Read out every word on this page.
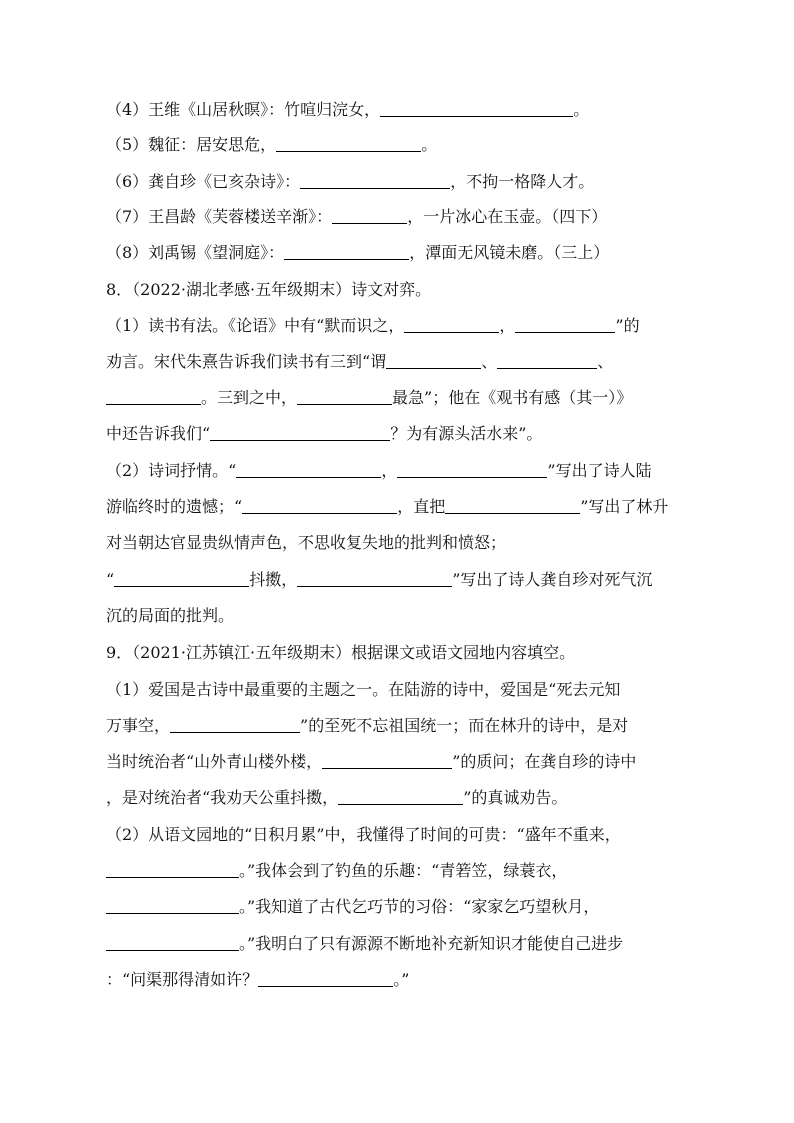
（4）王维《山居秋暝》：竹喧归浣女，	。
（5）魏征：居安思危，	。
（6）龚自珍《已亥杂诗》：	，不拘一格降人才。
（7）王昌龄《芙蓉楼送辛渐》：	，一片冰心在玉壶。（四下）
（8）刘禹锡《望洞庭》：	，潭面无风镜未磨。（三上）
8．（2022·湖北孝感·五年级期末）诗文对弈。
（1）读书有法。《论语》中有“默而识之，	，	”的
劝言。宋代朱熹告诉我们读书有三到“谓	、	、
。三到之中，	最急”；他在《观书有感（其一）》
中还告诉我们“	？为有源头活水来”。
（2）诗词抒情。“	，	”写出了诗人陆
游临终时的遗憾；“	，直把	”写出了林升
对当朝达官显贵纵情声色，不思收复失地的批判和愤怒；
“	抖擞，	”写出了诗人龚自珍对死气沉
沉的局面的批判。
9．（2021·江苏镇江·五年级期末）根据课文或语文园地内容填空。
（1）爱国是古诗中最重要的主题之一。在陆游的诗中，爱国是“死去元知
万事空，	”的至死不忘祖国统一；而在林升的诗中，是对
当时统治者“山外青山楼外楼，	”的质问；在龚自珍的诗中
，是对统治者“我劝天公重抖擞，	”的真诚劝告。
（2）从语文园地的“日积月累”中，我懂得了时间的可贵：“盛年不重来，
。”我体会到了钓鱼的乐趣：“青箬笠，绿蓑衣，
。”我知道了古代乞巧节的习俗：“家家乞巧望秋月，
。”我明白了只有源源不断地补充新知识才能使自己进步
：“问渠那得清如许？	。”
